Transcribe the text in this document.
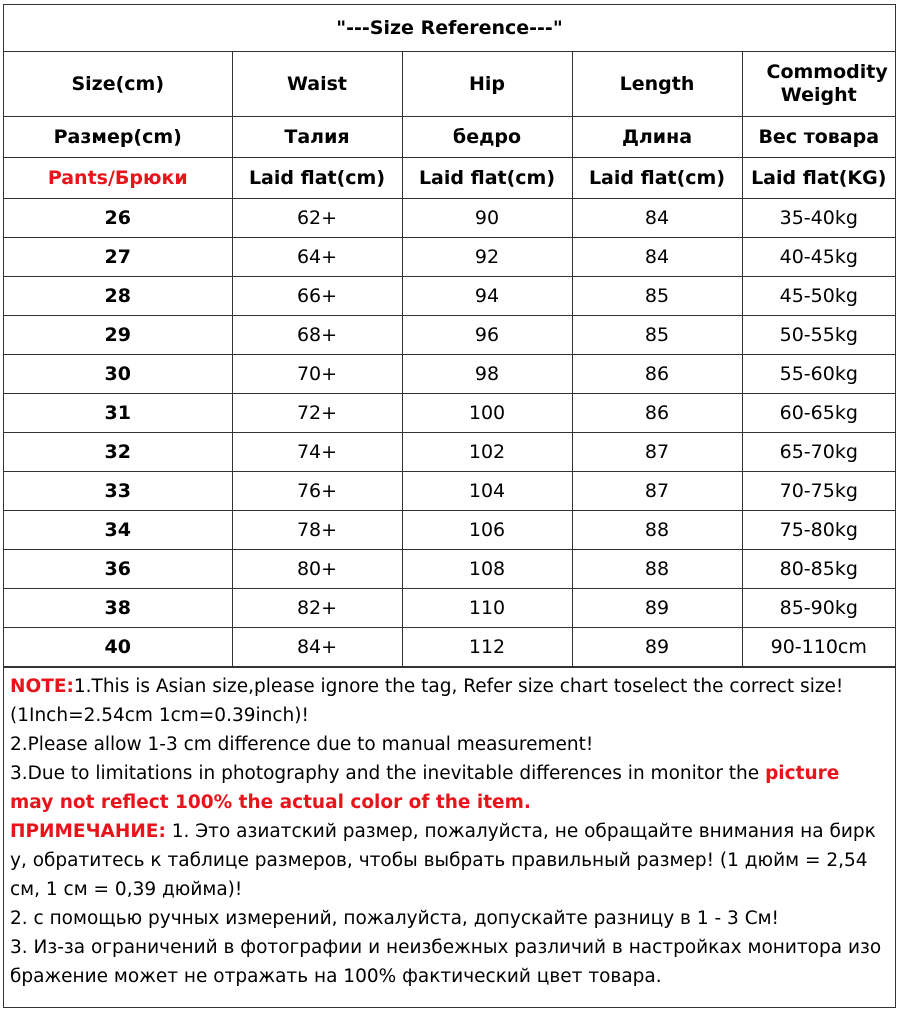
"---Size Reference---"
Size(cm)	Waist	Hip	Length	Commodity Weight
Размер(cm)	Талия	бедро	Длина	Вес товара
Pants/Брюки	Laid flat(cm)	Laid flat(cm)	Laid flat(cm)	Laid flat(KG)
26	62+	90	84	35-40kg
27	64+	92	84	40-45kg
28	66+	94	85	45-50kg
29	68+	96	85	50-55kg
30	70+	98	86	55-60kg
31	72+	100	86	60-65kg
32	74+	102	87	65-70kg
33	76+	104	87	70-75kg
34	78+	106	88	75-80kg
36	80+	108	88	80-85kg
38	82+	110	89	85-90kg
40	84+	112	89	90-110cm

NOTE:1.This is Asian size,please ignore the tag, Refer size chart toselect the correct size!(1Inch=2.54cm 1cm=0.39inch)!

2.Please allow 1-3 cm difference due to manual measurement!

3.Due to limitations in photography and the inevitable differences in monitor the picture may not reflect 100% the actual color of the item.

ПРИМЕЧАНИЕ: 1. Это азиатский размер, пожалуйста, не обращайте внимания на бирк у, обратитесь к таблице размеров, чтобы выбрать правильный размер! (1 дюйм = 2,54 см, 1 см = 0,39 дюйма)!

2. с помощью ручных измерений, пожалуйста, допускайте разницу в 1 - 3 См!

3. Из-за ограничений в фотографии и неизбежных различий в настройках монитора изо бражение может не отражать на 100% фактический цвет товара.
